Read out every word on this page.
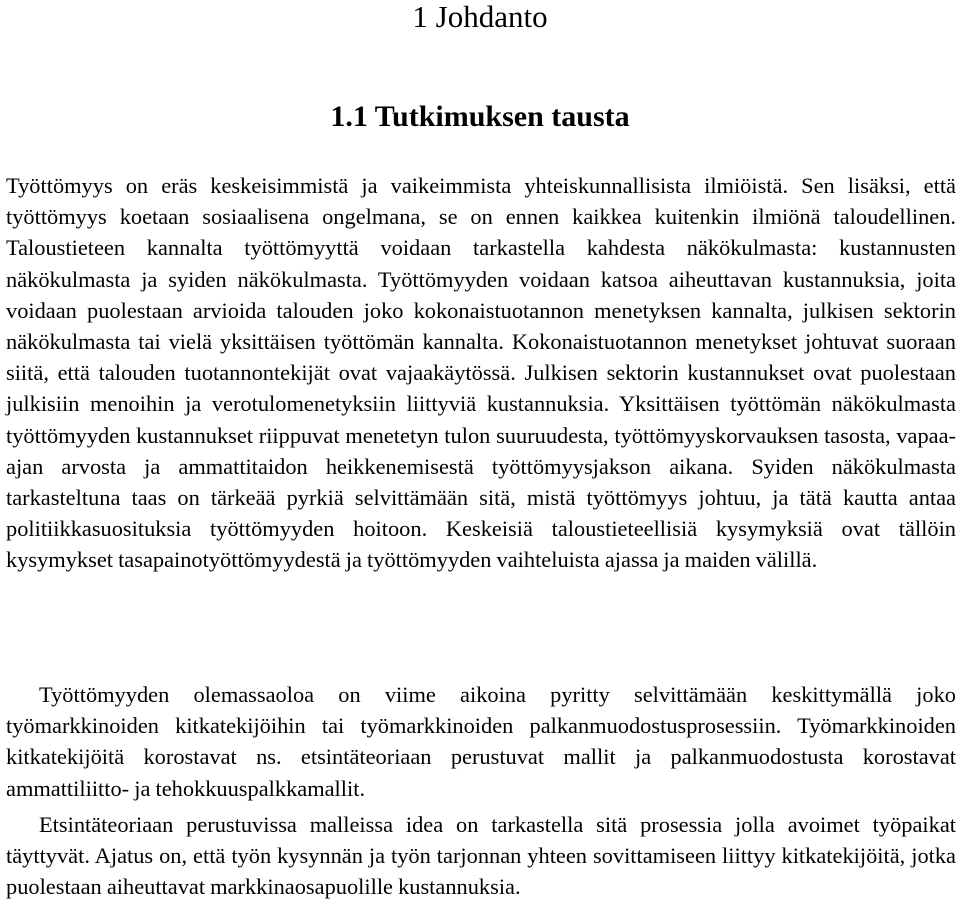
1 Johdanto
1.1 Tutkimuksen tausta

Työttömyys on eräs keskeisimmistä ja vaikeimmista yhteiskunnallisista ilmiöistä. Sen lisäksi, että työttömyys koetaan sosiaalisena ongelmana, se on ennen kaikkea kuitenkin ilmiönä taloudellinen. Taloustieteen kannalta työttömyyttä voidaan tarkastella kahdesta näkökulmasta: kustannusten näkökulmasta ja syiden näkökulmasta. Työttömyyden voidaan katsoa aiheuttavan kustannuksia, joita voidaan puolestaan arvioida talouden joko kokonaistuotannon menetyksen kannalta, julkisen sektorin näkökulmasta tai vielä yksittäisen työttömän kannalta. Kokonaistuotannon menetykset johtuvat suoraan siitä, että talouden tuotannontekijät ovat vajaakäytössä. Julkisen sektorin kustannukset ovat puolestaan julkisiin menoihin ja verotulomenetyksiin liittyviä kustannuksia. Yksittäisen työttömän näkökulmasta työttömyyden kustannukset riippuvat menetetyn tulon suuruudesta, työttömyyskorvauksen tasosta, vapaa-ajan arvosta ja ammattitaidon heikkenemisestä työttömyysjakson aikana. Syiden näkökulmasta tarkasteltuna taas on tärkeää pyrkiä selvittämään sitä, mistä työttömyys johtuu, ja tätä kautta antaa politiikkasuosituksia työttömyyden hoitoon. Keskeisiä taloustieteellisiä kysymyksiä ovat tällöin kysymykset tasapainotyöttömyydestä ja työttömyyden vaihteluista ajassa ja maiden välillä.

Työttömyyden olemassaoloa on viime aikoina pyritty selvittämään keskittymällä joko työmarkkinoiden kitkatekijöihin tai työmarkkinoiden palkanmuodostusprosessiin. Työmarkkinoiden kitkatekijöitä korostavat ns. etsintäteoriaan perustuvat mallit ja palkanmuodostusta korostavat ammattiliitto- ja tehokkuuspalkkamallit.

Etsintäteoriaan perustuvissa malleissa idea on tarkastella sitä prosessia jolla avoimet työpaikat täyttyvät. Ajatus on, että työn kysynnän ja työn tarjonnan yhteen sovittamiseen liittyy kitkatekijöitä, jotka puolestaan aiheuttavat markkinaosapuolille kustannuksia.
